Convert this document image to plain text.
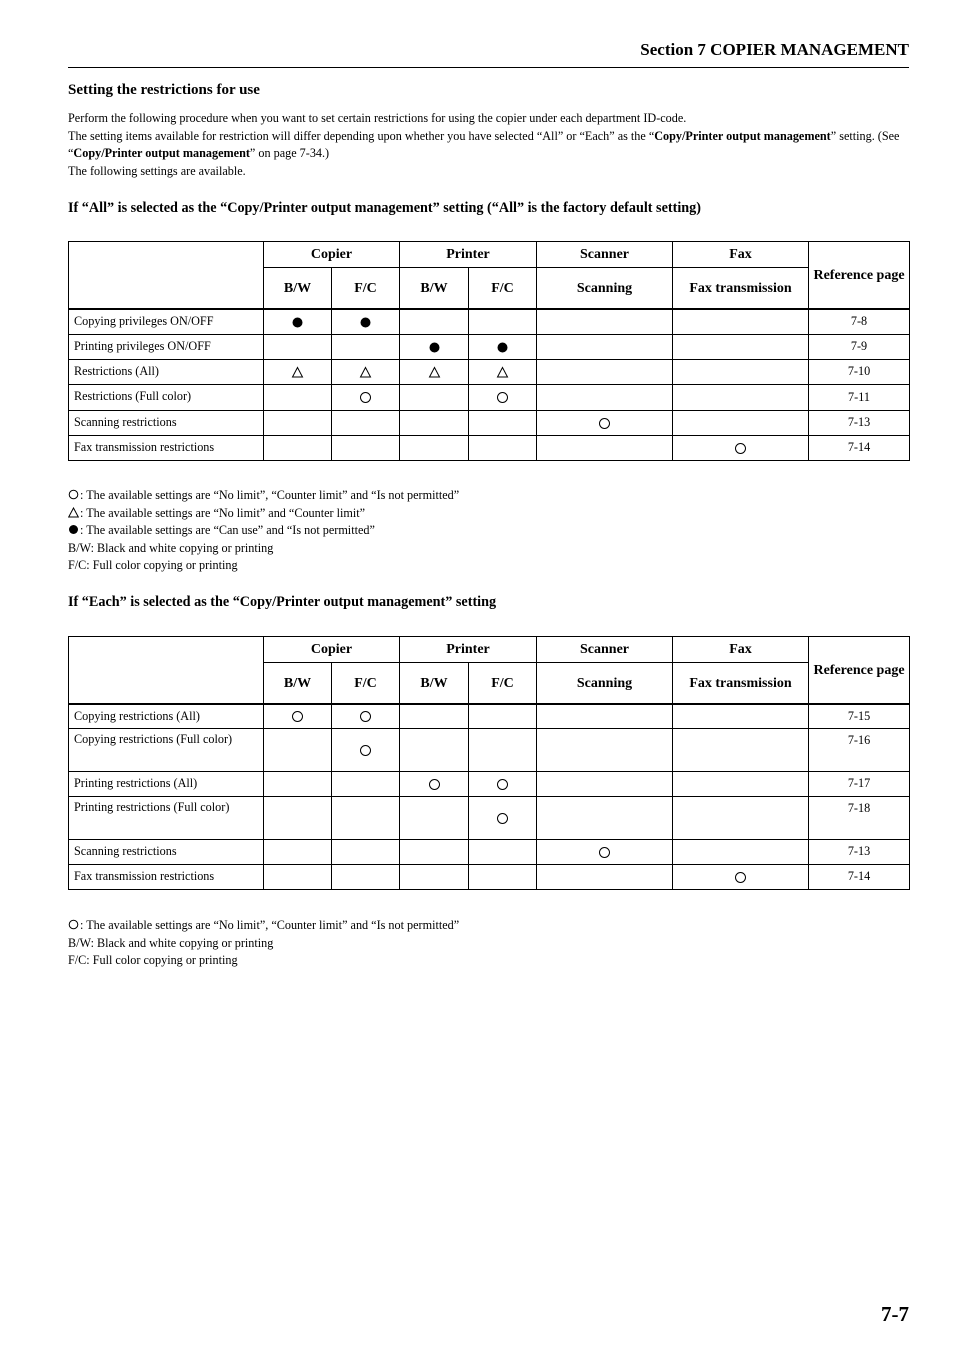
Section 7 COPIER MANAGEMENT
Setting the restrictions for use

Perform the following procedure when you want to set certain restrictions for using the copier under each department ID-code.

The setting items available for restriction will differ depending upon whether you have selected “All” or “Each” as the “Copy/Printer output management” setting. (See “Copy/Printer output management” on page 7-34.)

The following settings are available.

If “All” is selected as the “Copy/Printer output management” setting (“All” is the factory default setting)
	Copier		Printer		Scanner	Fax	Reference page
	B/W	F/C	B/W	F/C	Scanning	Fax transmission	
Copying privileges ON/OFF							7-8
Printing privileges ON/OFF							7-9
Restrictions (All)							7-10
Restrictions (Full color)							7-11
Scanning restrictions							7-13
Fax transmission restrictions							7-14

: The available settings are “No limit”, “Counter limit” and “Is not permitted”

: The available settings are “No limit” and “Counter limit”

: The available settings are “Can use” and “Is not permitted”

B/W: Black and white copying or printing

F/C: Full color copying or printing

If “Each” is selected as the “Copy/Printer output management” setting
	Copier		Printer		Scanner	Fax	Reference page
	B/W	F/C	B/W	F/C	Scanning	Fax transmission	
Copying restrictions (All)							7-15
Copying restrictions (Full color)							7-16
Printing restrictions (All)							7-17
Printing restrictions (Full color)							7-18
Scanning restrictions							7-13
Fax transmission restrictions							7-14

: The available settings are “No limit”, “Counter limit” and “Is not permitted”

B/W: Black and white copying or printing

F/C: Full color copying or printing

7-7
